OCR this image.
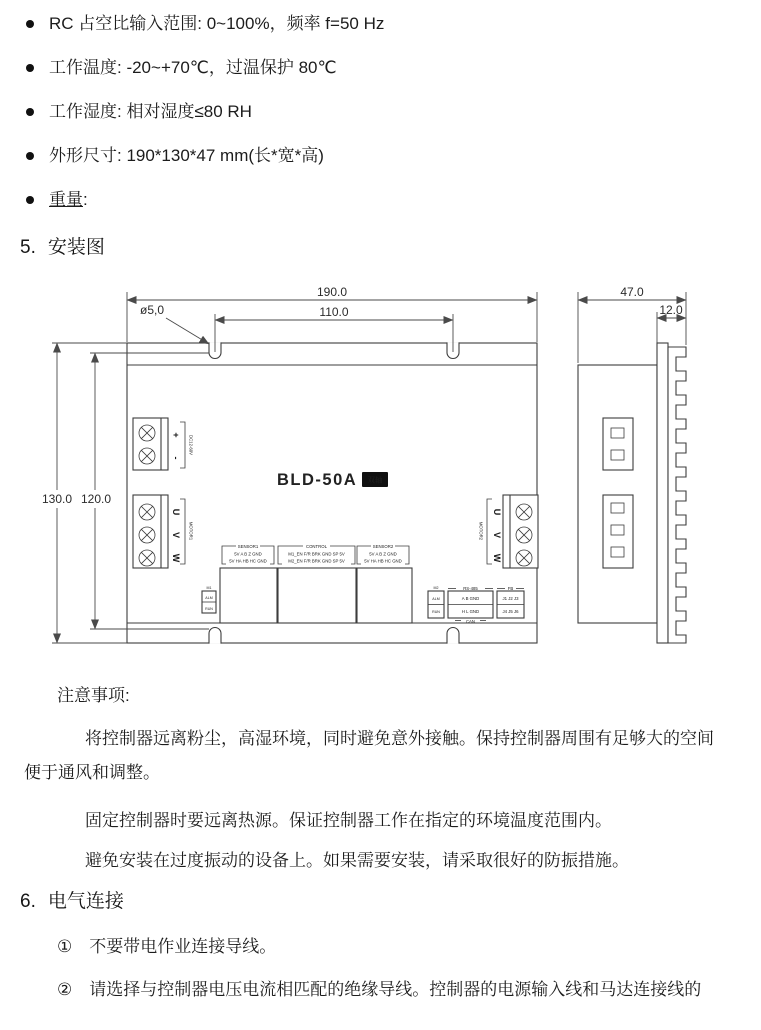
RC 占空比输入范围: 0~100%，频率 f=50 Hz
工作温度: -20~+70℃，过温保护 80℃
工作湿度: 相对湿度≤80 RH
外形尺寸: 190*130*47 mm(长*宽*高)
重量:
5. 安装图
190.0
110.0
ø5,0
130.0 120.0
47.0
12.0
+
-
DC12-60V
U
V
W
MOTOR1
U
V
W
MOTOR2
BLD-50A 双轴
SENSOR1
5V A B Z GND
5V HA HB HC GND
CONTROL
M1_EN F/R BRK GND SP 5V
M2_EN F/R BRK GND SP 5V
SENSOR2
5V A B Z GND
5V HA HB HC GND
M1
ALM
RUN
M2
ALM
RUN
RS-485
A B GND
H L GND
CAN
FB
J1 J2 J3
J4 J5 J6
注意事项:
将控制器远离粉尘，高湿环境，同时避免意外接触。保持控制器周围有足够大的空间
便于通风和调整。
固定控制器时要远离热源。保证控制器工作在指定的环境温度范围内。
避免安装在过度振动的设备上。如果需要安装，请采取很好的防振措施。
6. 电气连接
① 不要带电作业连接导线。
② 请选择与控制器电压电流相匹配的绝缘导线。控制器的电源输入线和马达连接线的
